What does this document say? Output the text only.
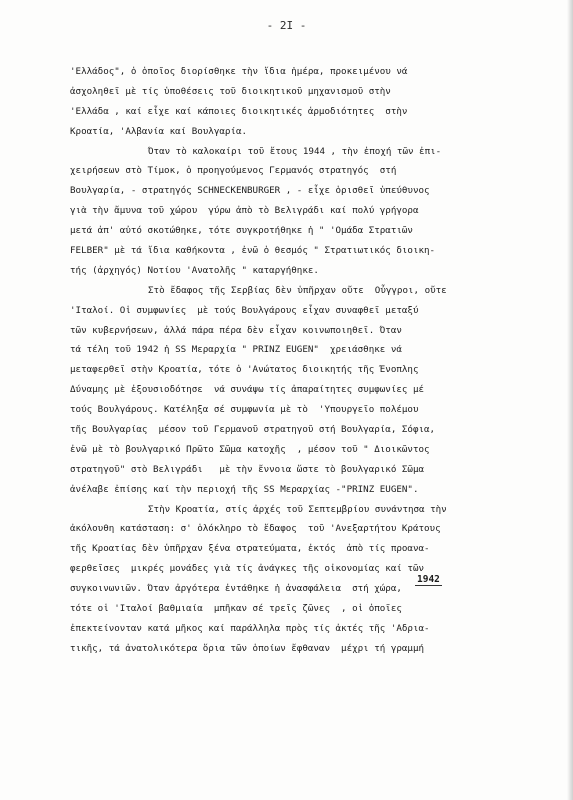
- 2I -
'Ελλάδος", ὁ ὁποῖος διορίσθηκε τὴν ἴδια ἡμέρα, προκειμένου νά
ἀσχοληθεῖ μὲ τίς ὑποθέσεις τοῦ διοικητικοῦ μηχανισμοῦ στὴν
'Ελλάδα , καί εἶχε καί κάποιες διοικητικές ἁρμοδιότητες  στὴν
Κροατία, 'Αλβανία καί Βουλγαρία.
Όταν τὸ καλοκαίρι τοῦ ἔτους 1944 , τὴν ἐποχή τῶν ἐπι-
χειρήσεων στὸ Τίμοκ, ὁ προηγούμενος Γερμανός στρατηγός  στή
Βουλγαρία, - στρατηγός SCHNECKENBURGER , - εἶχε ὁρισθεῖ ὑπεύθυνος
γιὰ τὴν ἄμυνα τοῦ χώρου  γύρω ἀπὸ τὸ Βελιγράδι καί πολύ γρήγορα
μετά ἀπ' αὐτό σκοτώθηκε, τότε συγκροτήθηκε ἡ " 'Ομάδα Στρατιῶν
FELBER" μὲ τά ἴδια καθήκοντα , ἐνῶ ὁ θεσμός " Στρατιωτικός διοικη-
τής (ἀρχηγός) Νοτίου 'Ανατολῆς " καταργήθηκε.
Στὸ ἔδαφος τῆς Σερβίας δὲν ὑπῆρχαν οὔτε  Οὖγγροι, οὔτε
'Ιταλοί. Οἱ συμφωνίες  μὲ τούς Βουλγάρους εἶχαν συναφθεῖ μεταξύ
τῶν κυβερνήσεων, ἀλλά πάρα πέρα δὲν εἶχαν κοινωποιηθεῖ. Όταν
τά τέλη τοῦ 1942 ἡ SS Μεραρχία " PRINZ EUGEN"  χρειάσθηκε νά
μεταφερθεῖ στὴν Κροατία, τότε ὁ 'Ανώτατος διοικητής τῆς Ένοπλης
Δύναμης μὲ ἐξουσιοδότησε  νά συνάψω τίς ἀπαραίτητες συμφωνίες μέ
τούς Βουλγάρους. Κατέληξα σέ συμφωνία μὲ τὸ  'Υπουργεῖο πολέμου
τῆς Βουλγαρίας  μέσον τοῦ Γερμανοῦ στρατηγοῦ στή Βουλγαρία, Σόφια,
ἐνῶ μὲ τὸ βουλγαρικό Πρῶτο Σῶμα κατοχῆς  , μέσον τοῦ " Διοικῶντος
στρατηγοῦ" στὸ Βελιγράδι   μὲ τὴν ἔννοια ὥστε τὸ βουλγαρικό Σῶμα
ἀνέλαβε ἐπίσης καί τὴν περιοχή τῆς SS Μεραρχίας -"PRINZ EUGEN".
Στὴν Κροατία, στίς ἀρχές τοῦ Σεπτεμβρίου συνάντησα τὴν
ἀκόλουθη κατάσταση: σ' ὁλόκληρο τὸ ἔδαφος  τοῦ 'Ανεξαρτήτου Κράτους
τῆς Κροατίας δὲν ὑπῆρχαν ξένα στρατεύματα, ἐκτός  ἀπὸ τίς προανα-
φερθεῖσες  μικρές μονάδες γιὰ τίς ἀνάγκες τῆς οἰκονομίας καί τῶν
συγκοινωνιῶν. Όταν ἀργότερα ἐντάθηκε ἡ ἀνασφάλεια  στή χώρα,
τότε οἱ 'Ιταλοί βαθμιαία  μπῆκαν σέ τρεῖς ζῶνες  , οἱ ὁποῖες
ἐπεκτείνονταν κατά μῆκος καί παράλληλα πρὸς τίς ἀκτές τῆς 'Αδρια-
τικῆς, τά ἀνατολικότερα ὅρια τῶν ὁποίων ἔφθαναν  μέχρι τή γραμμή
1942
